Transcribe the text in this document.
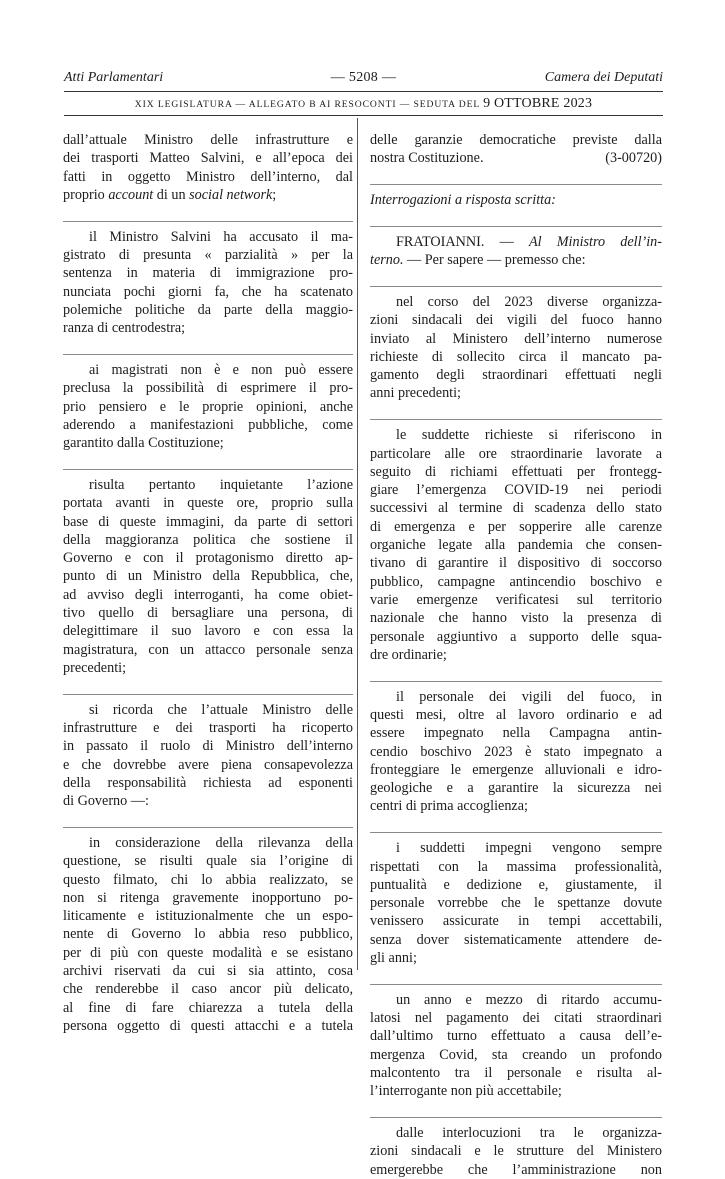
Atti Parlamentari	— 5208 —	Camera dei Deputati
XIX LEGISLATURA — ALLEGATO B AI RESOCONTI — SEDUTA DEL 9 OTTOBRE 2023
dall’attuale Ministro delle infrastrutture e
dei trasporti Matteo Salvini, e all’epoca dei
fatti in oggetto Ministro dell’interno, dal
proprio account di un social network;
il Ministro Salvini ha accusato il ma-
gistrato di presunta « parzialità » per la
sentenza in materia di immigrazione pro-
nunciata pochi giorni fa, che ha scatenato
polemiche politiche da parte della maggio-
ranza di centrodestra;
ai magistrati non è e non può essere
preclusa la possibilità di esprimere il pro-
prio pensiero e le proprie opinioni, anche
aderendo a manifestazioni pubbliche, come
garantito dalla Costituzione;
risulta pertanto inquietante l’azione
portata avanti in queste ore, proprio sulla
base di queste immagini, da parte di settori
della maggioranza politica che sostiene il
Governo e con il protagonismo diretto ap-
punto di un Ministro della Repubblica, che,
ad avviso degli interroganti, ha come obiet-
tivo quello di bersagliare una persona, di
delegittimare il suo lavoro e con essa la
magistratura, con un attacco personale senza
precedenti;
si ricorda che l’attuale Ministro delle
infrastrutture e dei trasporti ha ricoperto
in passato il ruolo di Ministro dell’interno
e che dovrebbe avere piena consapevolezza
della responsabilità richiesta ad esponenti
di Governo —:
in considerazione della rilevanza della
questione, se risulti quale sia l’origine di
questo filmato, chi lo abbia realizzato, se
non si ritenga gravemente inopportuno po-
liticamente e istituzionalmente che un espo-
nente di Governo lo abbia reso pubblico,
per di più con queste modalità e se esistano
archivi riservati da cui si sia attinto, cosa
che renderebbe il caso ancor più delicato,
al fine di fare chiarezza a tutela della
persona oggetto di questi attacchi e a tutela
delle garanzie democratiche previste dalla
nostra Costituzione.	(3-00720)
Interrogazioni a risposta scritta:
FRATOIANNI. — Al Ministro dell’in-
terno. — Per sapere — premesso che:
nel corso del 2023 diverse organizza-
zioni sindacali dei vigili del fuoco hanno
inviato al Ministero dell’interno numerose
richieste di sollecito circa il mancato pa-
gamento degli straordinari effettuati negli
anni precedenti;
le suddette richieste si riferiscono in
particolare alle ore straordinarie lavorate a
seguito di richiami effettuati per frontegg-
giare l’emergenza COVID-19 nei periodi
successivi al termine di scadenza dello stato
di emergenza e per sopperire alle carenze
organiche legate alla pandemia che consen-
tivano di garantire il dispositivo di soccorso
pubblico, campagne antincendio boschivo e
varie emergenze verificatesi sul territorio
nazionale che hanno visto la presenza di
personale aggiuntivo a supporto delle squa-
dre ordinarie;
il personale dei vigili del fuoco, in
questi mesi, oltre al lavoro ordinario e ad
essere impegnato nella Campagna antin-
cendio boschivo 2023 è stato impegnato a
fronteggiare le emergenze alluvionali e idro-
geologiche e a garantire la sicurezza nei
centri di prima accoglienza;
i suddetti impegni vengono sempre
rispettati con la massima professionalità,
puntualità e dedizione e, giustamente, il
personale vorrebbe che le spettanze dovute
venissero assicurate in tempi accettabili,
senza dover sistematicamente attendere de-
gli anni;
un anno e mezzo di ritardo accumu-
latosi nel pagamento dei citati straordinari
dall’ultimo turno effettuato a causa dell’e-
mergenza Covid, sta creando un profondo
malcontento tra il personale e risulta al-
l’interrogante non più accettabile;
dalle interlocuzioni tra le organizza-
zioni sindacali e le strutture del Ministero
emergerebbe che l’amministrazione non
